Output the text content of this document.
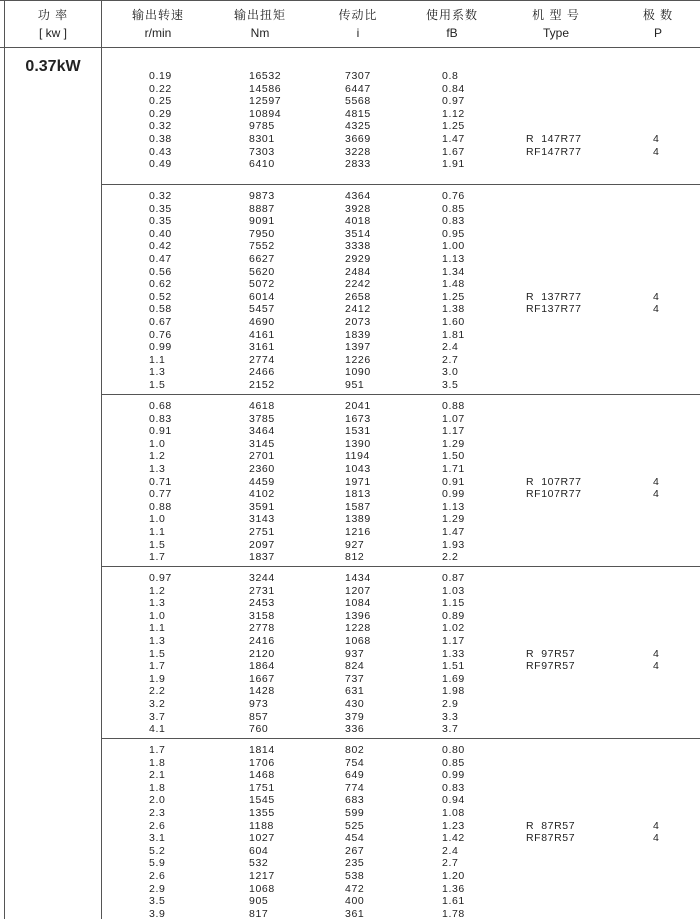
功 率
[ kw ]
输出转速
r/min
输出扭矩
Nm
传动比
i
使用系数
fB
机 型 号
Type
极 数
P
0.37kW
0.19
0.22
0.25
0.29
0.32
0.38
0.43
0.49
16532
14586
12597
10894
9785
8301
7303
6410
7307
6447
5568
4815
4325
3669
3228
2833
0.8
0.84
0.97
1.12
1.25
1.47
1.67
1.91
R  147R77
RF147R77
4
4
0.32
0.35
0.35
0.40
0.42
0.47
0.56
0.62
0.52
0.58
0.67
0.76
0.99
1.1
1.3
1.5
9873
8887
9091
7950
7552
6627
5620
5072
6014
5457
4690
4161
3161
2774
2466
2152
4364
3928
4018
3514
3338
2929
2484
2242
2658
2412
2073
1839
1397
1226
1090
951
0.76
0.85
0.83
0.95
1.00
1.13
1.34
1.48
1.25
1.38
1.60
1.81
2.4
2.7
3.0
3.5
R  137R77
RF137R77
4
4
0.68
0.83
0.91
1.0
1.2
1.3
0.71
0.77
0.88
1.0
1.1
1.5
1.7
4618
3785
3464
3145
2701
2360
4459
4102
3591
3143
2751
2097
1837
2041
1673
1531
1390
1194
1043
1971
1813
1587
1389
1216
927
812
0.88
1.07
1.17
1.29
1.50
1.71
0.91
0.99
1.13
1.29
1.47
1.93
2.2
R  107R77
RF107R77
4
4
0.97
1.2
1.3
1.0
1.1
1.3
1.5
1.7
1.9
2.2
3.2
3.7
4.1
3244
2731
2453
3158
2778
2416
2120
1864
1667
1428
973
857
760
1434
1207
1084
1396
1228
1068
937
824
737
631
430
379
336
0.87
1.03
1.15
0.89
1.02
1.17
1.33
1.51
1.69
1.98
2.9
3.3
3.7
R  97R57
RF97R57
4
4
1.7
1.8
2.1
1.8
2.0
2.3
2.6
3.1
5.2
5.9
2.6
2.9
3.5
3.9
1814
1706
1468
1751
1545
1355
1188
1027
604
532
1217
1068
905
817
802
754
649
774
683
599
525
454
267
235
538
472
400
361
0.80
0.85
0.99
0.83
0.94
1.08
1.23
1.42
2.4
2.7
1.20
1.36
1.61
1.78
R  87R57
RF87R57
4
4
